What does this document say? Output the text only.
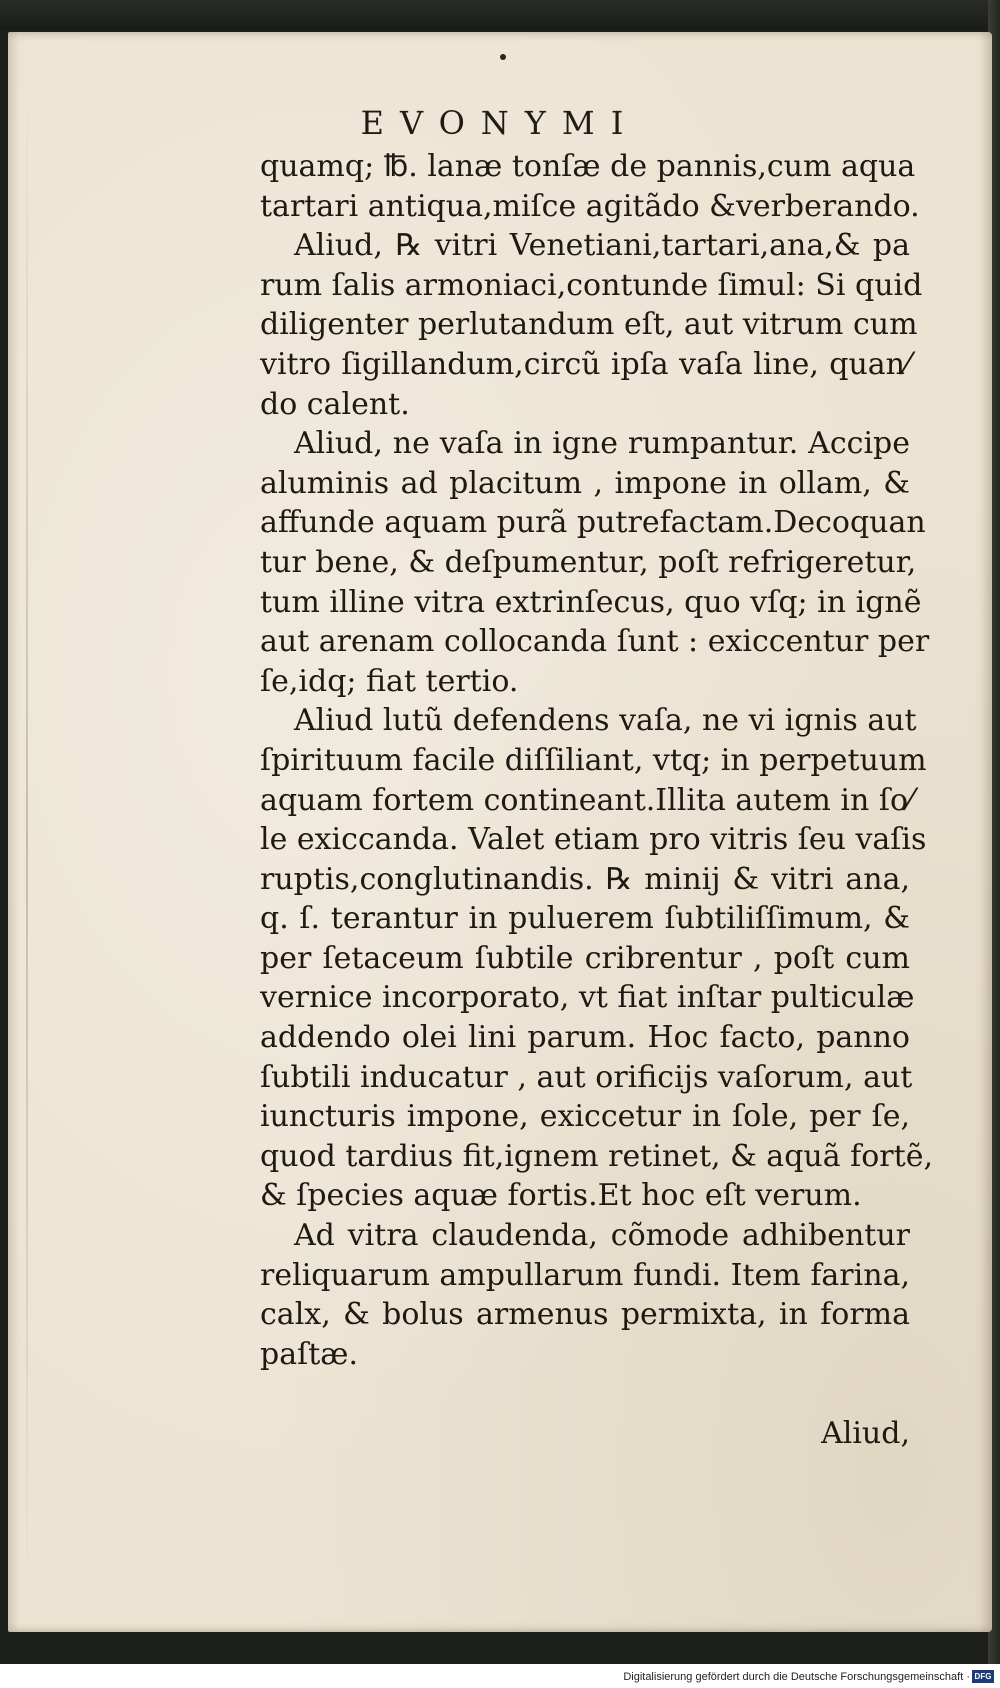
EVONYMI

quamq; ℔. lanæ tonſæ de pannis,cum aqua
tartari antiqua,miſce agitãdo &verberando.

Aliud, ℞ vitri Venetiani,tartari,ana,& pa
rum ſalis armoniaci,contunde ſimul: Si quid
diligenter perlutandum eſt, aut vitrum cum
vitro ſigillandum,circũ ipſa vaſa line, quan⁄
do calent.

Aliud, ne vaſa in igne rumpantur. Accipe
aluminis ad placitum , impone in ollam, &
affunde aquam purã putrefactam.Decoquan
tur bene, & deſpumentur, poſt refrigeretur,
tum illine vitra extrinſecus, quo vſq; in ignẽ
aut arenam collocanda ſunt : exiccentur per
ſe,idq; fiat tertio.

Aliud lutũ defendens vaſa, ne vi ignis aut
ſpirituum facile diſſiliant, vtq; in perpetuum
aquam fortem contineant.Illita autem in ſo⁄
le exiccanda. Valet etiam pro vitris ſeu vaſis
ruptis,conglutinandis. ℞ minij & vitri ana,
q. ſ. terantur in puluerem ſubtiliſſimum, &
per ſetaceum ſubtile cribrentur , poſt cum
vernice incorporato, vt fiat inſtar pulticulæ
addendo olei lini parum. Hoc facto, panno
ſubtili inducatur , aut orificijs vaſorum, aut
iuncturis impone, exiccetur in ſole, per ſe,
quod tardius fit,ignem retinet, & aquã fortẽ,
& ſpecies aquæ fortis.Et hoc eſt verum.

Ad vitra claudenda, cõmode adhibentur
reliquarum ampullarum fundi. Item farina,
calx, & bolus armenus permixta, in forma
paſtæ.

Aliud,
Digitalisierung gefördert durch die Deutsche Forschungsgemeinschaft · DFG
